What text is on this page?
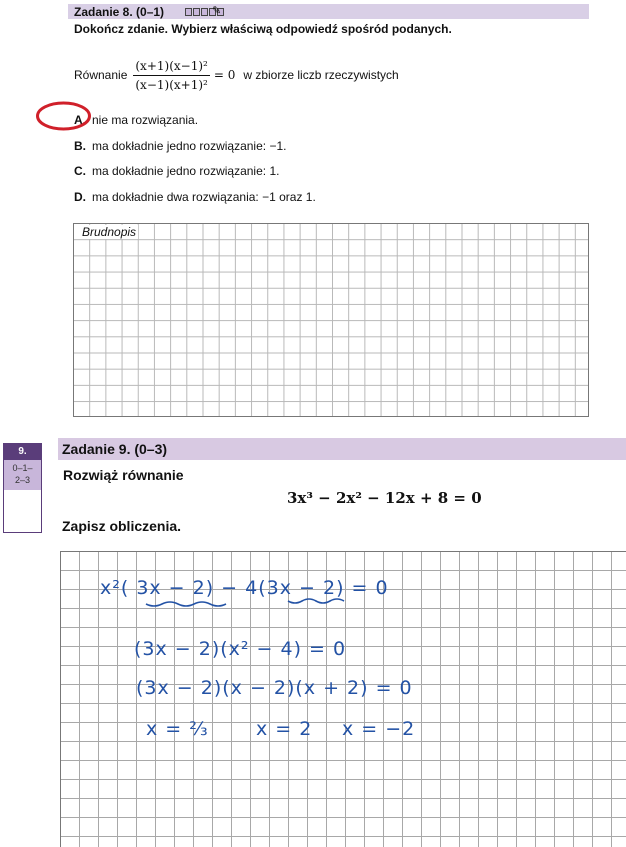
Zadanie 8. (0–1)	✎
Dokończ zdanie. Wybierz właściwą odpowiedź spośród podanych.
Równanie $\frac{\text{(x+1)(x−1)²}}{\text{(x−1)(x+1)²}} = 0$ w zbiorze liczb rzeczywistych
A. nie ma rozwiązania.
B. ma dokładnie jedno rozwiązanie: −1.
C. ma dokładnie jedno rozwiązanie: 1.
D. ma dokładnie dwa rozwiązania: −1 oraz 1.
Brudnopis
9.
0–1–
2–3
Zadanie 9. (0–3)
Rozwiąż równanie
3x³ − 2x² − 12x + 8 = 0
Zapisz obliczenia.
x²( 3x − 2) − 4(3x − 2) = 0
(3x − 2)(x² − 4) = 0
(3x − 2)(x − 2)(x + 2) = 0
x = ⅔ x = 2 x = −2
